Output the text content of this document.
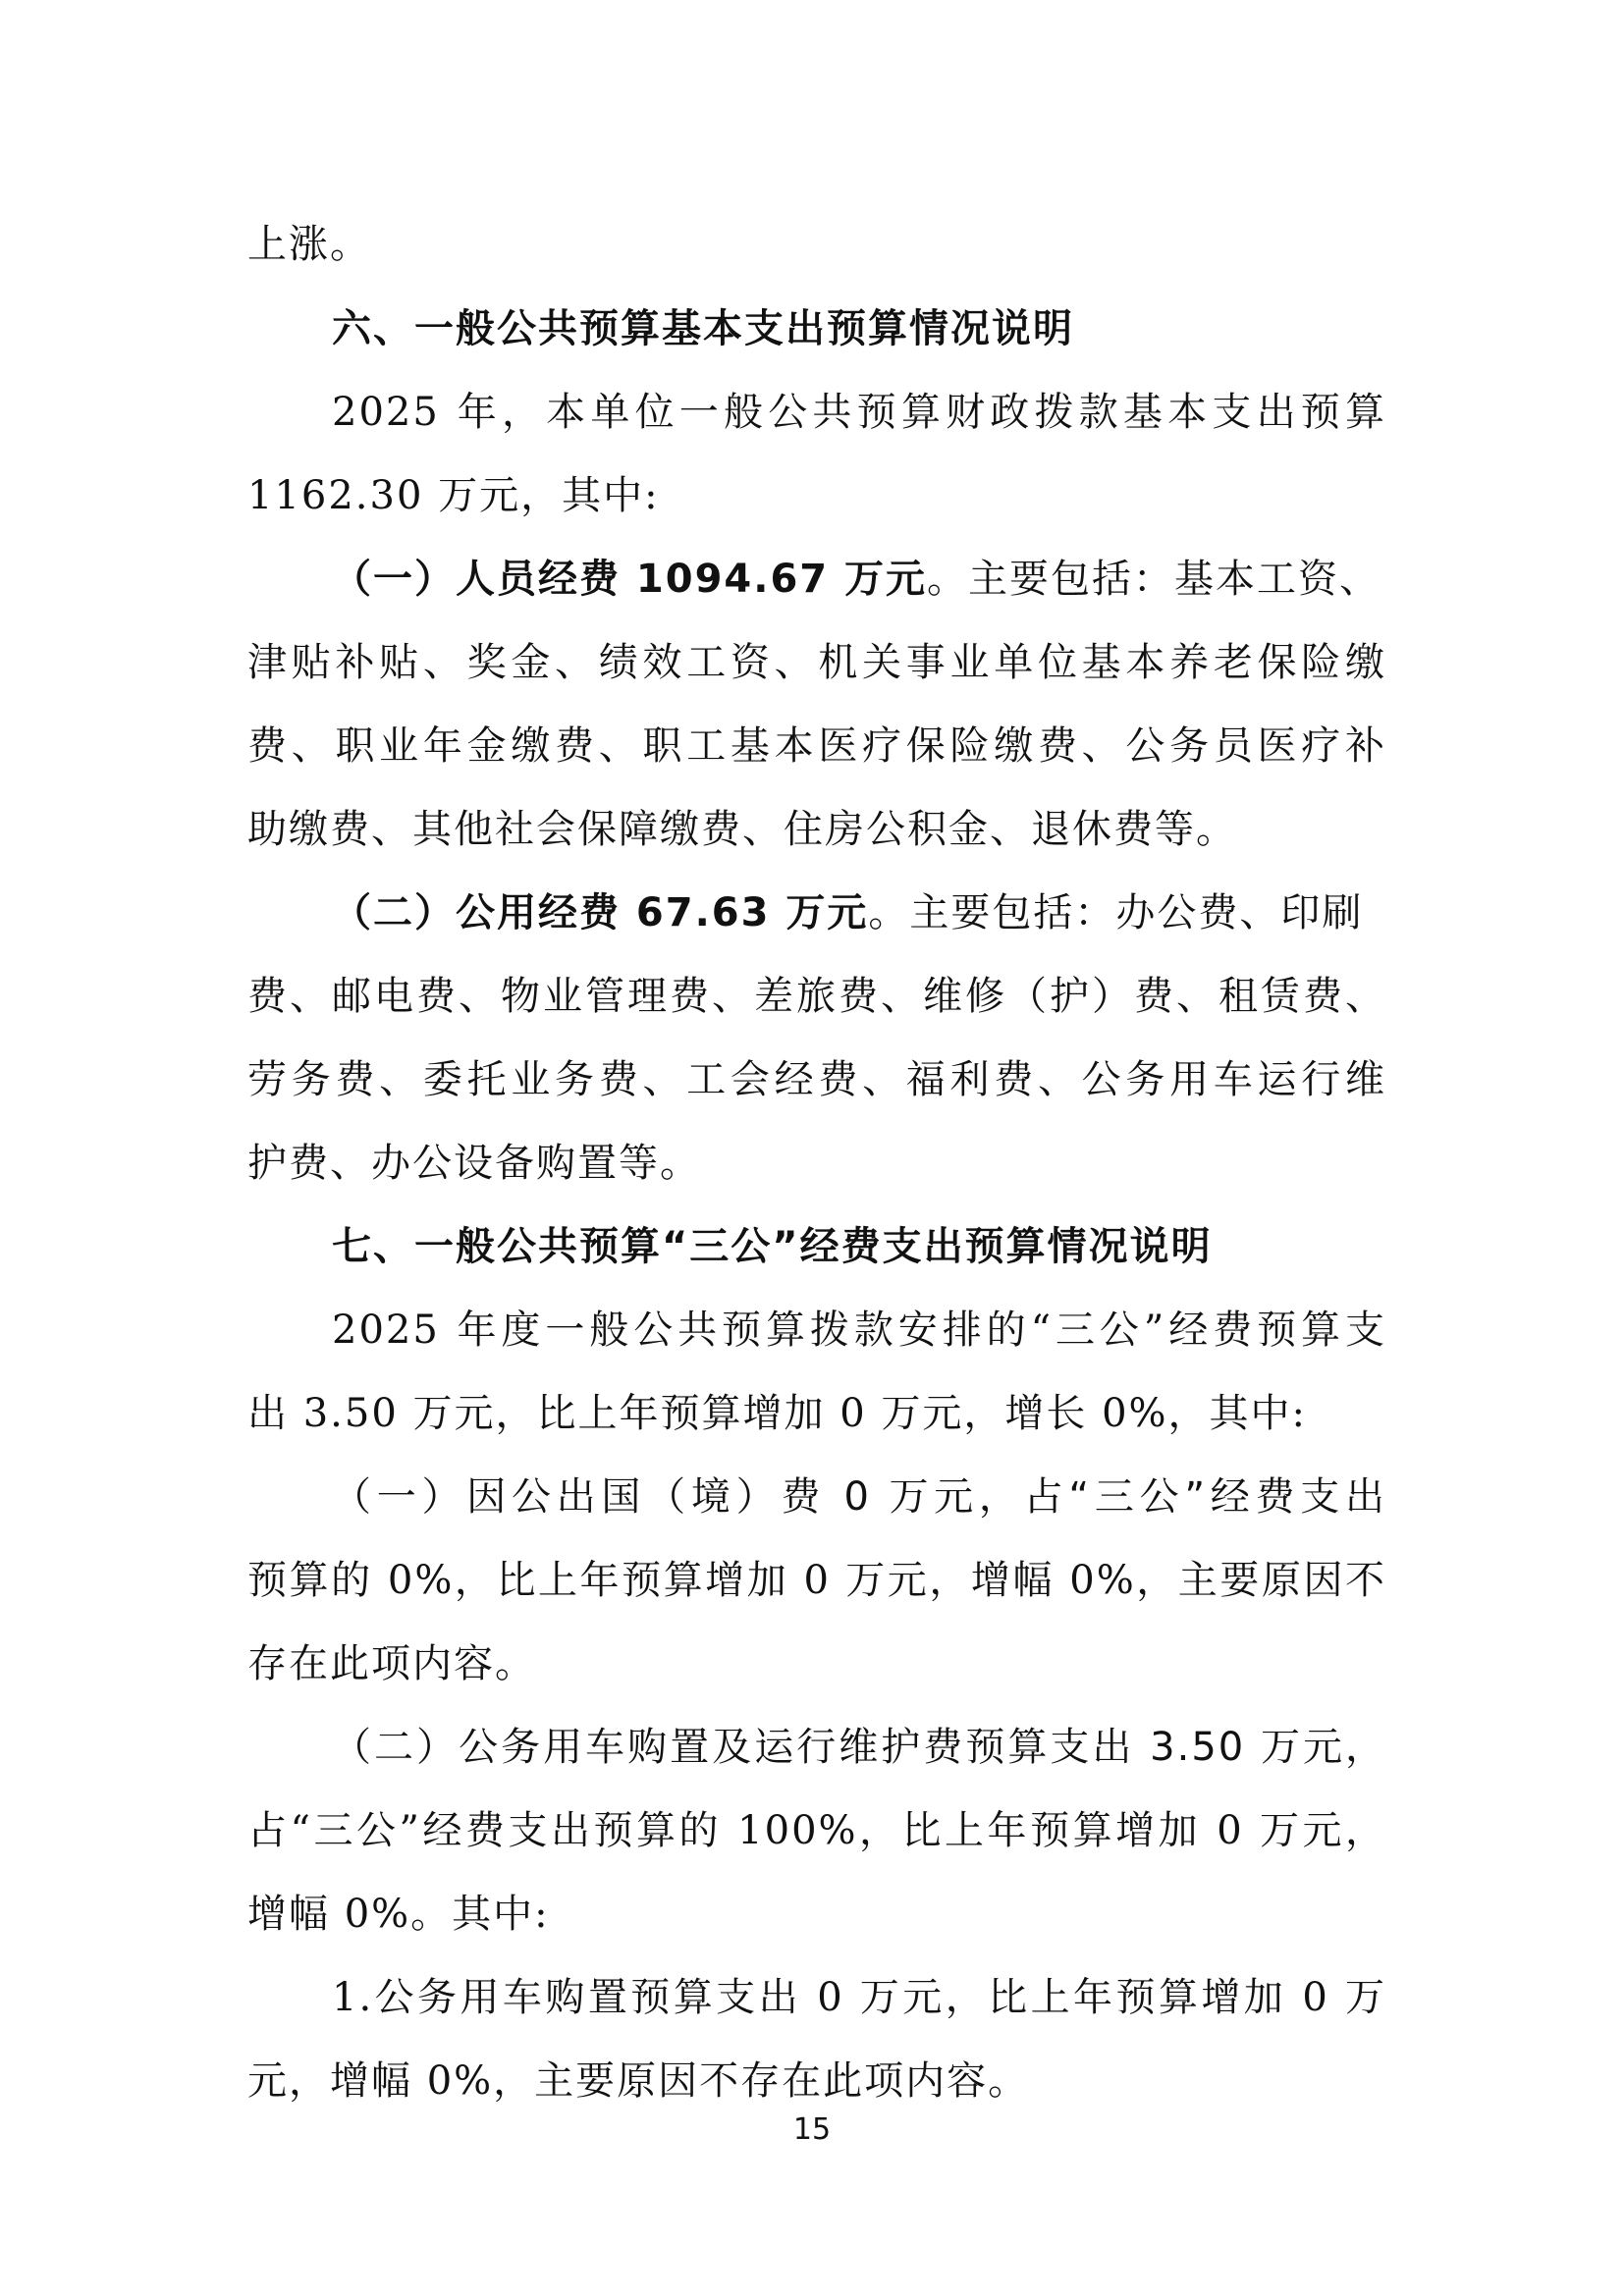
上涨。
六、一般公共预算基本支出预算情况说明
2025 年，本单位一般公共预算财政拨款基本支出预算
1162.30 万元，其中:
（一）人员经费 1094.67 万元。主要包括：基本工资、
津贴补贴、奖金、绩效工资、机关事业单位基本养老保险缴
费、职业年金缴费、职工基本医疗保险缴费、公务员医疗补
助缴费、其他社会保障缴费、住房公积金、退休费等。
（二）公用经费 67.63 万元。主要包括：办公费、印刷
费、邮电费、物业管理费、差旅费、维修（护）费、租赁费、
劳务费、委托业务费、工会经费、福利费、公务用车运行维
护费、办公设备购置等。
七、一般公共预算“三公”经费支出预算情况说明
2025 年度一般公共预算拨款安排的“三公”经费预算支
出 3.50 万元，比上年预算增加 0 万元，增长 0%，其中:
（一）因公出国（境）费 0 万元，占“三公”经费支出
预算的 0%，比上年预算增加 0 万元，增幅 0%，主要原因不
存在此项内容。
（二）公务用车购置及运行维护费预算支出 3.50 万元，
占“三公”经费支出预算的 100%，比上年预算增加 0 万元，
增幅 0%。其中:
1.公务用车购置预算支出 0 万元，比上年预算增加 0 万
元，增幅 0%，主要原因不存在此项内容。
15
